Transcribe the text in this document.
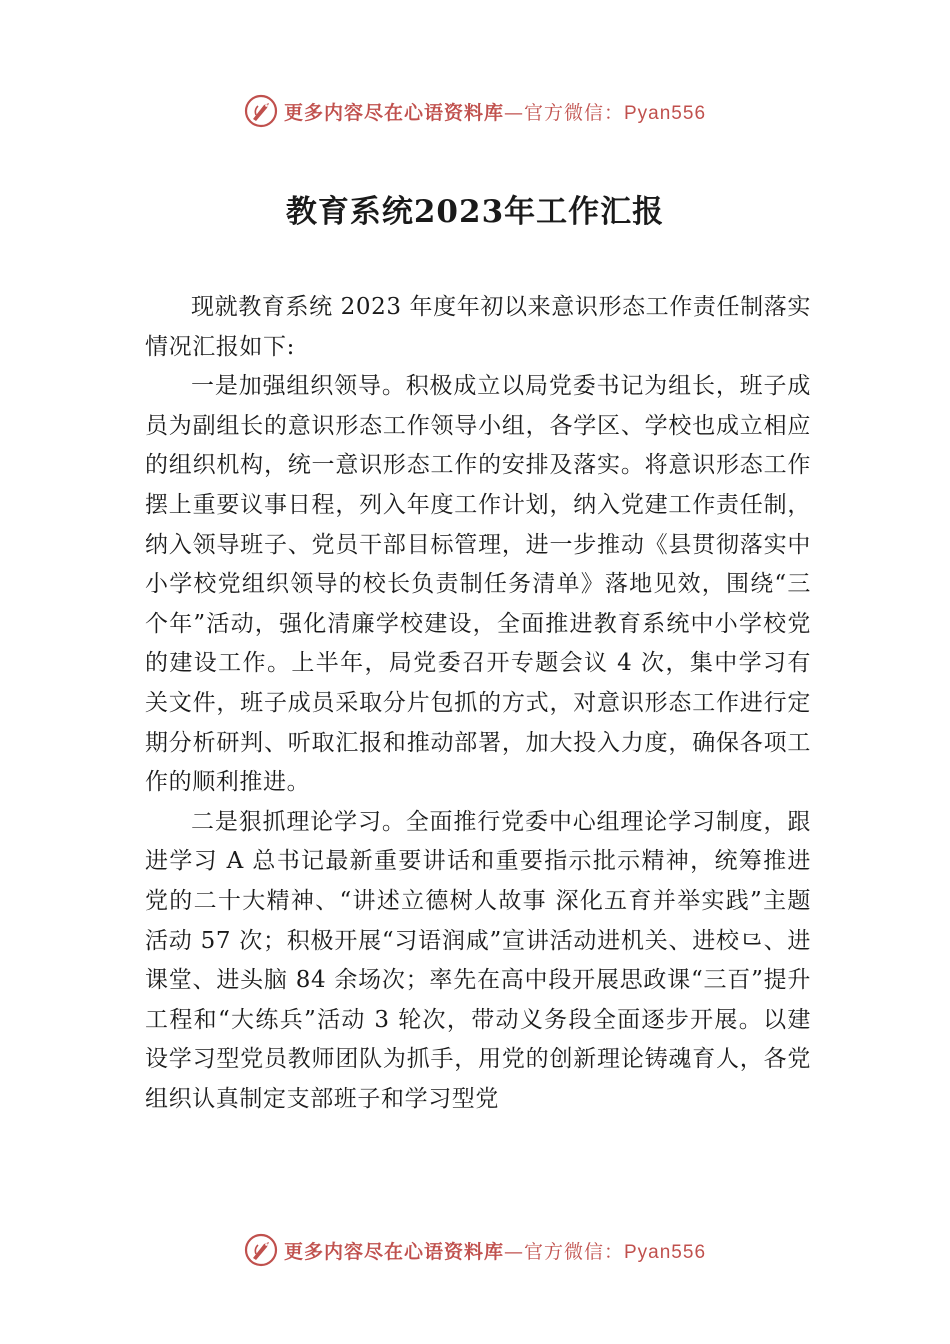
更多内容尽在心语资料库—官方微信：Pyan556
教育系统2023年工作汇报

现就教育系统 2023 年度年初以来意识形态工作责任制落实情况汇报如下:

一是加强组织领导。积极成立以局党委书记为组长，班子成员为副组长的意识形态工作领导小组，各学区、学校也成立相应的组织机构，统一意识形态工作的安排及落实。将意识形态工作摆上重要议事日程，列入年度工作计划，纳入党建工作责任制，纳入领导班子、党员干部目标管理，进一步推动《县贯彻落实中小学校党组织领导的校长负责制任务清单》落地见效，围绕“三个年”活动，强化清廉学校建设，全面推进教育系统中小学校党的建设工作。上半年，局党委召开专题会议 4 次，集中学习有关文件，班子成员采取分片包抓的方式，对意识形态工作进行定期分析研判、听取汇报和推动部署，加大投入力度，确保各项工作的顺利推进。

二是狠抓理论学习。全面推行党委中心组理论学习制度，跟进学习 A 总书记最新重要讲话和重要指示批示精神，统筹推进党的二十大精神、“讲述立德树人故事 深化五育并举实践”主题活动 57 次；积极开展“习语润咸”宣讲活动进机关、进校⺋、进课堂、进头脑 84 余场次；率先在高中段开展思政课“三百”提升工程和“大练兵”活动 3 轮次，带动义务段全面逐步开展。以建设学习型党员教师团队为抓手，用党的创新理论铸魂育人，各党组织认真制定支部班子和学习型党

更多内容尽在心语资料库—官方微信：Pyan556
